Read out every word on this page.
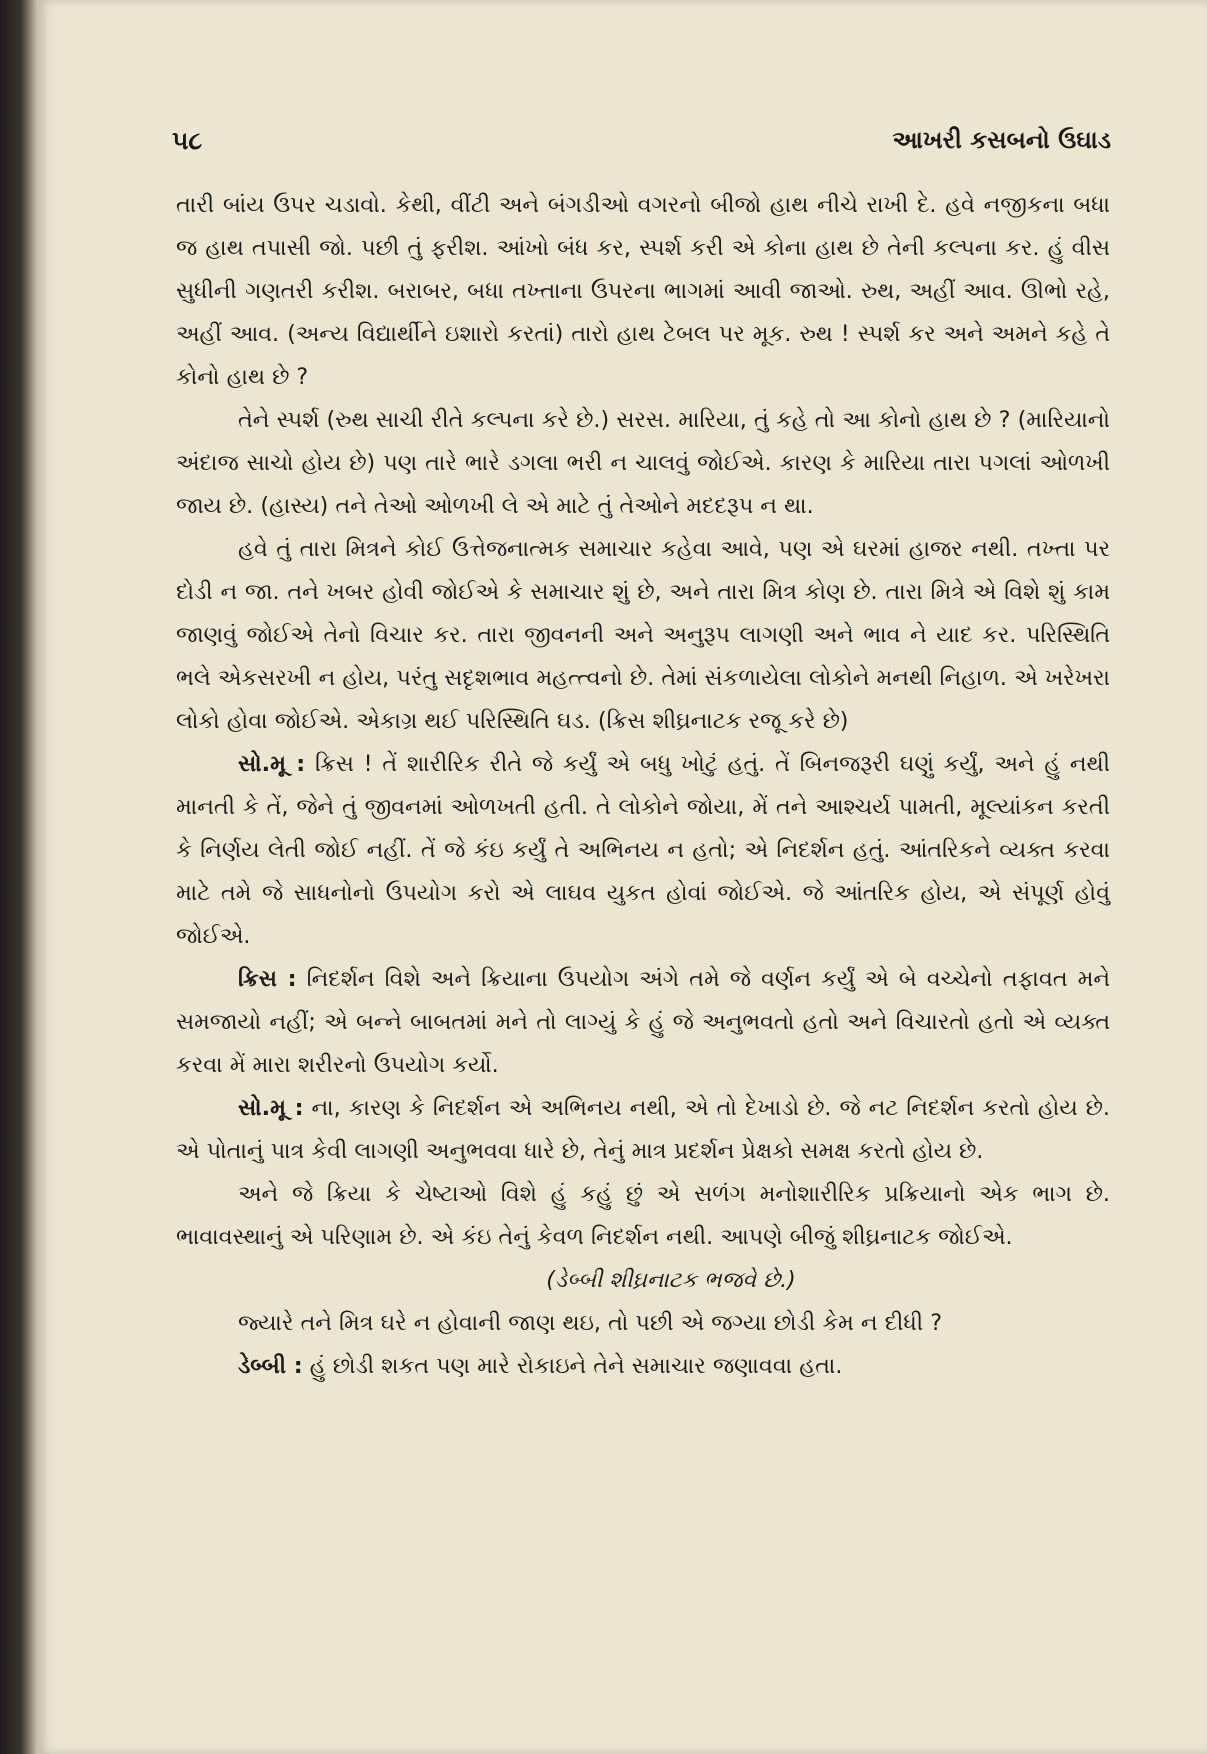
૫૮	આખરી કસબનો ઉઘાડ

તારી બાંય ઉપર ચડાવો. કેથી, વીંટી અને બંગડીઓ વગરનો બીજો હાથ નીચે રાખી દે. હવે નજીકના બધા જ હાથ તપાસી જો. પછી તું ફરીશ. આંખો બંધ કર, સ્પર્શ કરી એ કોના હાથ છે તેની કલ્પના કર. હું વીસ સુધીની ગણતરી કરીશ. બરાબર, બધા તખ્તાના ઉપરના ભાગમાં આવી જાઓ. રુથ, અહીં આવ. ઊભો રહે, અહીં આવ. (અન્ય વિદ્યાર્થીને ઇશારો કરતાં) તારો હાથ ટેબલ પર મૂક. રુથ ! સ્પર્શ કર અને અમને કહે તે કોનો હાથ છે ?

તેને સ્પર્શ (રુથ સાચી રીતે કલ્પના કરે છે.) સરસ. મારિયા, તું કહે તો આ કોનો હાથ છે ? (મારિયાનો અંદાજ સાચો હોય છે) પણ તારે ભારે ડગલા ભરી ન ચાલવું જોઈએ. કારણ કે મારિયા તારા પગલાં ઓળખી જાય છે. (હાસ્ય) તને તેઓ ઓળખી લે એ માટે તું તેઓને મદદરૂપ ન થા.

હવે તું તારા મિત્રને કોઈ ઉત્તેજનાત્મક સમાચાર કહેવા આવે, પણ એ ઘરમાં હાજર નથી. તખ્તા પર દોડી ન જા. તને ખબર હોવી જોઈએ કે સમાચાર શું છે, અને તારા મિત્ર કોણ છે. તારા મિત્રે એ વિશે શું કામ જાણવું જોઈએ તેનો વિચાર કર. તારા જીવનની અને અનુરૂપ લાગણી અને ભાવ ને યાદ કર. પરિસ્થિતિ ભલે એકસરખી ન હોય, પરંતુ સદૃશભાવ મહત્ત્વનો છે. તેમાં સંકળાયેલા લોકોને મનથી નિહાળ. એ ખરેખરા લોકો હોવા જોઈએ. એકાગ્ર થઈ પરિસ્થિતિ ઘડ. (ક્રિસ શીઘ્રનાટક રજૂ કરે છે)

સો.મૂ : ક્રિસ ! તેં શારીરિક રીતે જે કર્યું એ બધુ ખોટું હતું. તેં બિનજરૂરી ઘણું કર્યું, અને હું નથી માનતી કે તેં, જેને તું જીવનમાં ઓળખતી હતી. તે લોકોને જોયા, મેં તને આશ્ચર્ય પામતી, મૂલ્યાંકન કરતી કે નિર્ણય લેતી જોઈ નહીં. તેં જે કંઇ કર્યું તે અભિનય ન હતો; એ નિદર્શન હતું. આંતરિકને વ્યક્ત કરવા માટે તમે જે સાધનોનો ઉપયોગ કરો એ લાઘવ યુકત હોવાં જોઈએ. જે આંતરિક હોય, એ સંપૂર્ણ હોવું જોઈએ.

ક્રિસ : નિદર્શન વિશે અને ક્રિયાના ઉપયોગ અંગે તમે જે વર્ણન કર્યું એ બે વચ્ચેનો તફાવત મને સમજાયો નહીં; એ બન્ને બાબતમાં મને તો લાગ્યું કે હું જે અનુભવતો હતો અને વિચારતો હતો એ વ્યક્ત કરવા મેં મારા શરીરનો ઉપયોગ કર્યો.

સો.મૂ : ના, કારણ કે નિદર્શન એ અભિનય નથી, એ તો દેખાડો છે. જે નટ નિદર્શન કરતો હોય છે. એ પોતાનું પાત્ર કેવી લાગણી અનુભવવા ધારે છે, તેનું માત્ર પ્રદર્શન પ્રેક્ષકો સમક્ષ કરતો હોય છે.

અને જે ક્રિયા કે ચેષ્ટાઓ વિશે હું કહું છું એ સળંગ મનોશારીરિક પ્રક્રિયાનો એક ભાગ છે. ભાવાવસ્થાનું એ પરિણામ છે. એ કંઇ તેનું કેવળ નિદર્શન નથી. આપણે બીજું શીઘ્રનાટક જોઈએ.

(ડેબ્બી શીઘ્રનાટક ભજવે છે.)

જ્યારે તને મિત્ર ઘરે ન હોવાની જાણ થઇ, તો પછી એ જગ્યા છોડી કેમ ન દીધી ?

ડેબ્બી : હું છોડી શકત પણ મારે રોકાઇને તેને સમાચાર જણાવવા હતા.
